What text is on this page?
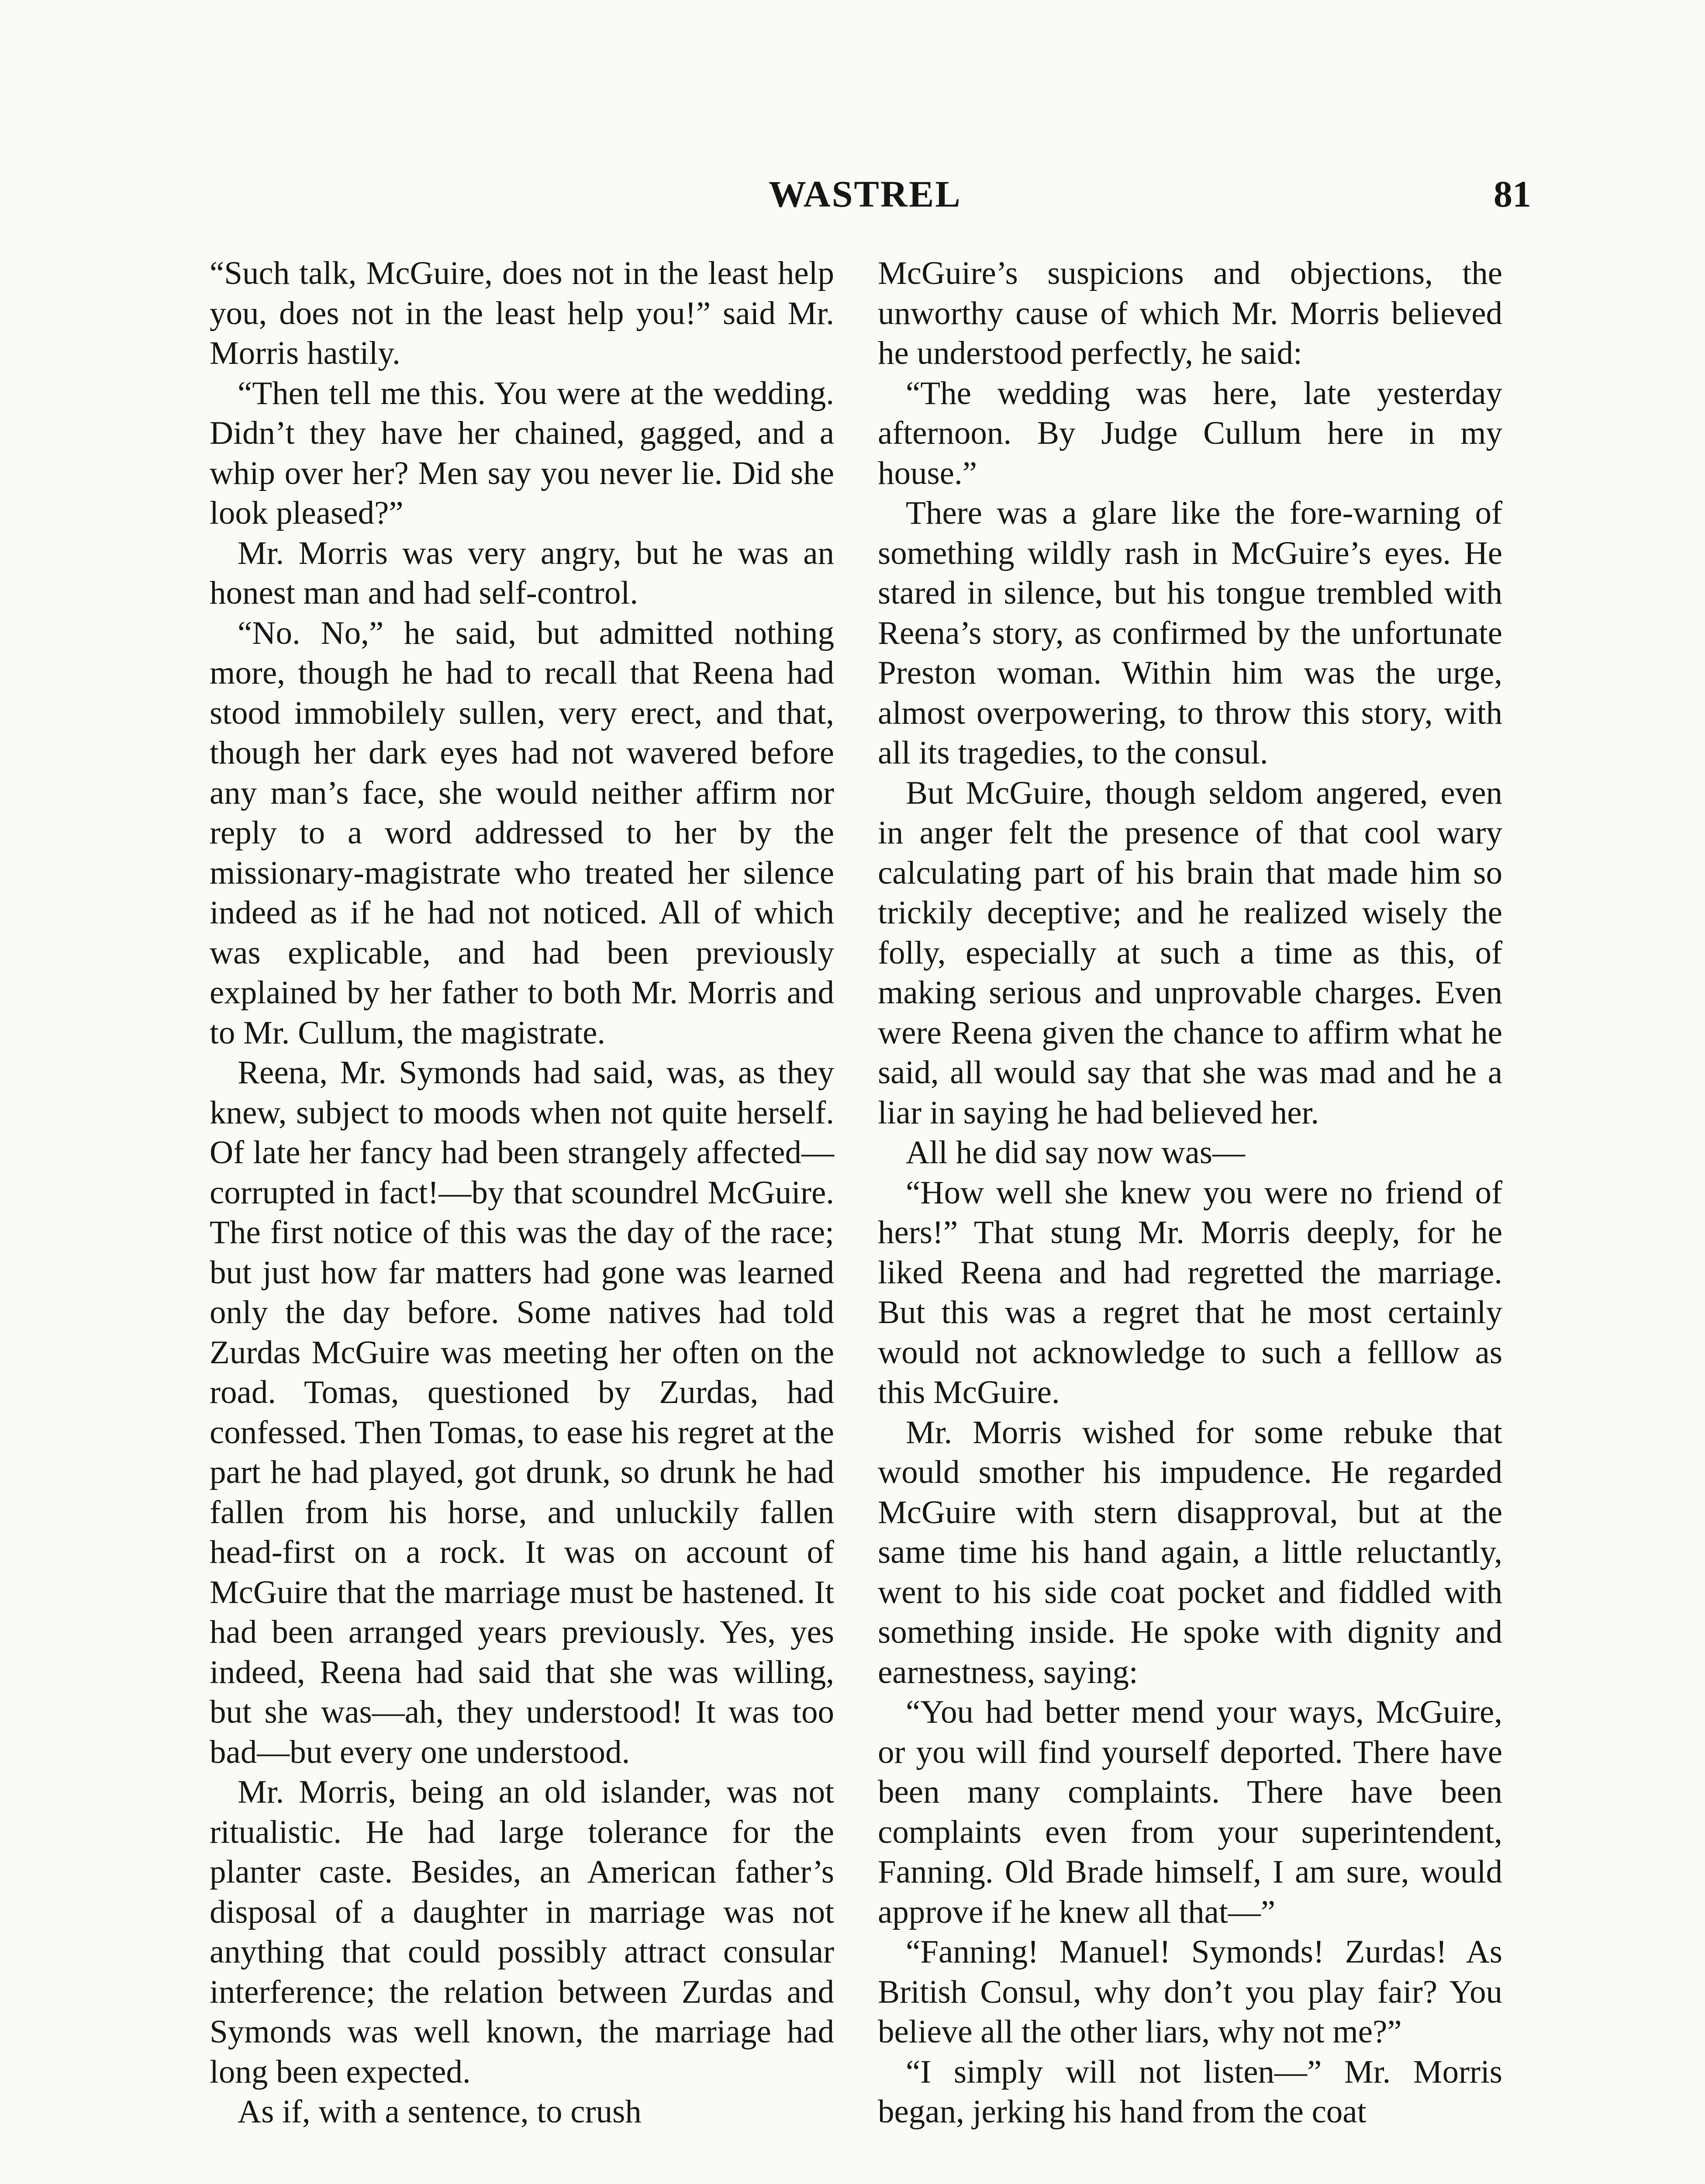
WASTREL	81

“Such talk, McGuire, does not in the least help you, does not in the least help you!” said Mr. Morris hastily.

“Then tell me this. You were at the wedding. Didn’t they have her chained, gagged, and a whip over her? Men say you never lie. Did she look pleased?”

Mr. Morris was very angry, but he was an honest man and had self-control.

“No. No,” he said, but admitted nothing more, though he had to recall that Reena had stood immobilely sullen, very erect, and that, though her dark eyes had not wavered before any man’s face, she would neither affirm nor reply to a word addressed to her by the missionary-magistrate who treated her silence indeed as if he had not noticed. All of which was explicable, and had been previously explained by her father to both Mr. Morris and to Mr. Cullum, the magistrate.

Reena, Mr. Symonds had said, was, as they knew, subject to moods when not quite herself. Of late her fancy had been strangely affected—corrupted in fact!—by that scoundrel McGuire. The first notice of this was the day of the race; but just how far matters had gone was learned only the day before. Some natives had told Zurdas McGuire was meeting her often on the road. Tomas, questioned by Zurdas, had confessed. Then Tomas, to ease his regret at the part he had played, got drunk, so drunk he had fallen from his horse, and unluckily fallen head-first on a rock. It was on account of McGuire that the marriage must be hastened. It had been arranged years previously. Yes, yes indeed, Reena had said that she was willing, but she was—ah, they understood! It was too bad—but every one understood.

Mr. Morris, being an old islander, was not ritualistic. He had large tolerance for the planter caste. Besides, an American father’s disposal of a daughter in marriage was not anything that could possibly attract consular interference; the relation between Zurdas and Symonds was well known, the marriage had long been expected.

As if, with a sentence, to crush

McGuire’s suspicions and objections, the unworthy cause of which Mr. Morris believed he understood perfectly, he said:

“The wedding was here, late yesterday afternoon. By Judge Cullum here in my house.”

There was a glare like the fore-warning of something wildly rash in McGuire’s eyes. He stared in silence, but his tongue trembled with Reena’s story, as confirmed by the unfortunate Preston woman. Within him was the urge, almost overpowering, to throw this story, with all its tragedies, to the consul.

But McGuire, though seldom angered, even in anger felt the presence of that cool wary calculating part of his brain that made him so trickily deceptive; and he realized wisely the folly, especially at such a time as this, of making serious and unprovable charges. Even were Reena given the chance to affirm what he said, all would say that she was mad and he a liar in saying he had believed her.

All he did say now was—

“How well she knew you were no friend of hers!” That stung Mr. Morris deeply, for he liked Reena and had regretted the marriage. But this was a regret that he most certainly would not acknowledge to such a felllow as this McGuire.

Mr. Morris wished for some rebuke that would smother his impudence. He regarded McGuire with stern disapproval, but at the same time his hand again, a little reluctantly, went to his side coat pocket and fiddled with something inside. He spoke with dignity and earnestness, saying:

“You had better mend your ways, McGuire, or you will find yourself deported. There have been many complaints. There have been complaints even from your superintendent, Fanning. Old Brade himself, I am sure, would approve if he knew all that—”

“Fanning! Manuel! Symonds! Zurdas! As British Consul, why don’t you play fair? You believe all the other liars, why not me?”

“I simply will not listen—” Mr. Morris began, jerking his hand from the coat
